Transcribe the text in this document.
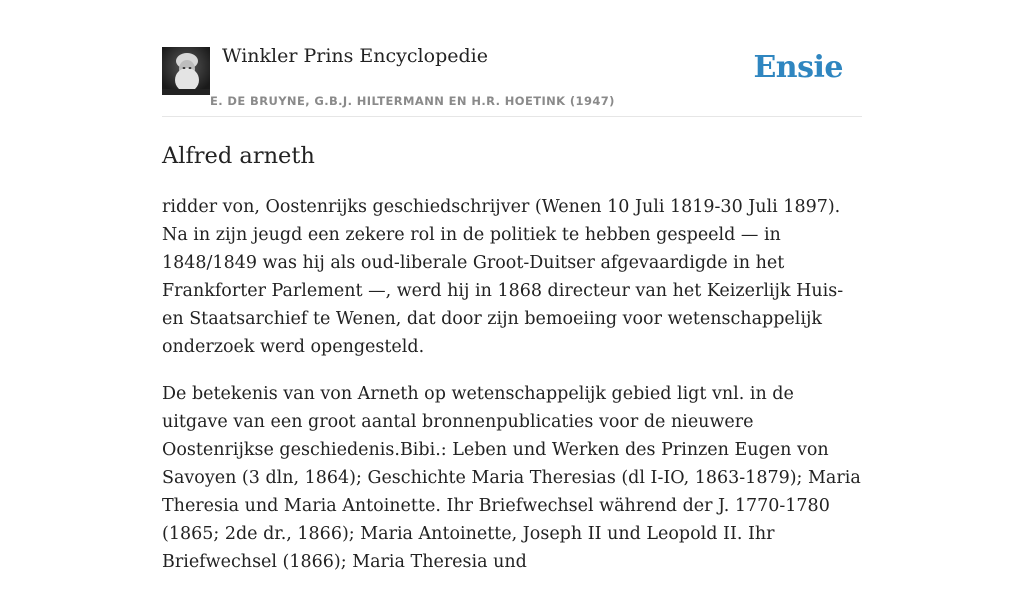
Winkler Prins Encyclopedie
E. DE BRUYNE, G.B.J. HILTERMANN EN H.R. HOETINK (1947)
Ensie
Alfred arneth

ridder von, Oostenrijks geschiedschrijver (Wenen 10 Juli 1819-30 Juli 1897). Na in zijn jeugd een zekere rol in de politiek te hebben gespeeld — in 1848/1849 was hij als oud-liberale Groot-Duitser afgevaardigde in het Frankforter Parlement —, werd hij in 1868 directeur van het Keizerlijk Huis- en Staatsarchief te Wenen, dat door zijn bemoeiing voor wetenschappelijk onderzoek werd opengesteld.

De betekenis van von Arneth op wetenschappelijk gebied ligt vnl. in de uitgave van een groot aantal bronnenpublicaties voor de nieuwere Oostenrijkse geschiedenis.Bibi.: Leben und Werken des Prinzen Eugen von Savoyen (3 dln, 1864); Geschichte Maria Theresias (dl I-IO, 1863-1879); Maria Theresia und Maria Antoinette. Ihr Briefwechsel während der J. 1770-1780 (1865; 2de dr., 1866); Maria Antoinette, Joseph II und Leopold II. Ihr Briefwechsel (1866); Maria Theresia und
